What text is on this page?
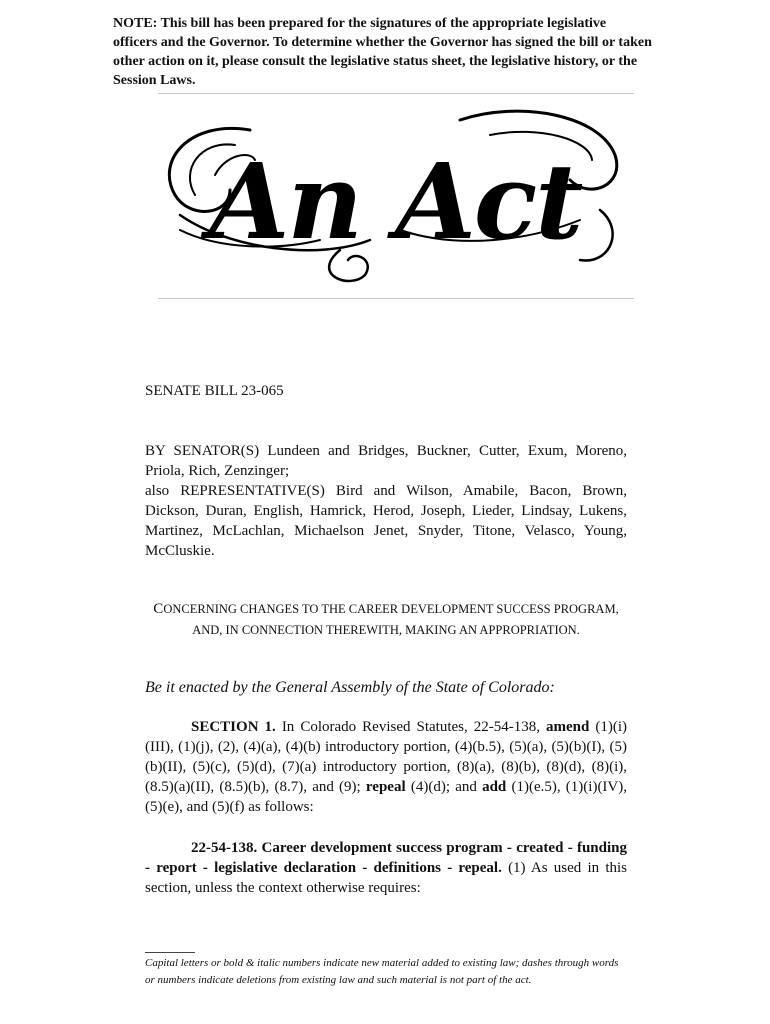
NOTE: This bill has been prepared for the signatures of the appropriate legislative officers and the Governor. To determine whether the Governor has signed the bill or taken other action on it, please consult the legislative status sheet, the legislative history, or the Session Laws.

An Act

SENATE BILL 23-065

BY SENATOR(S) Lundeen and Bridges, Buckner, Cutter, Exum, Moreno, Priola, Rich, Zenzinger;
also REPRESENTATIVE(S) Bird and Wilson, Amabile, Bacon, Brown, Dickson, Duran, English, Hamrick, Herod, Joseph, Lieder, Lindsay, Lukens, Martinez, McLachlan, Michaelson Jenet, Snyder, Titone, Velasco, Young, McCluskie.

CONCERNING CHANGES TO THE CAREER DEVELOPMENT SUCCESS PROGRAM, AND, IN CONNECTION THEREWITH, MAKING AN APPROPRIATION.

Be it enacted by the General Assembly of the State of Colorado:

SECTION 1. In Colorado Revised Statutes, 22-54-138, amend (1)(i)(III), (1)(j), (2), (4)(a), (4)(b) introductory portion, (4)(b.5), (5)(a), (5)(b)(I), (5)(b)(II), (5)(c), (5)(d), (7)(a) introductory portion, (8)(a), (8)(b), (8)(d), (8)(i), (8.5)(a)(II), (8.5)(b), (8.7), and (9); repeal (4)(d); and add (1)(e.5), (1)(i)(IV), (5)(e), and (5)(f) as follows:

22-54-138. Career development success program - created - funding - report - legislative declaration - definitions - repeal. (1) As used in this section, unless the context otherwise requires:

Capital letters or bold & italic numbers indicate new material added to existing law; dashes through words or numbers indicate deletions from existing law and such material is not part of the act.
